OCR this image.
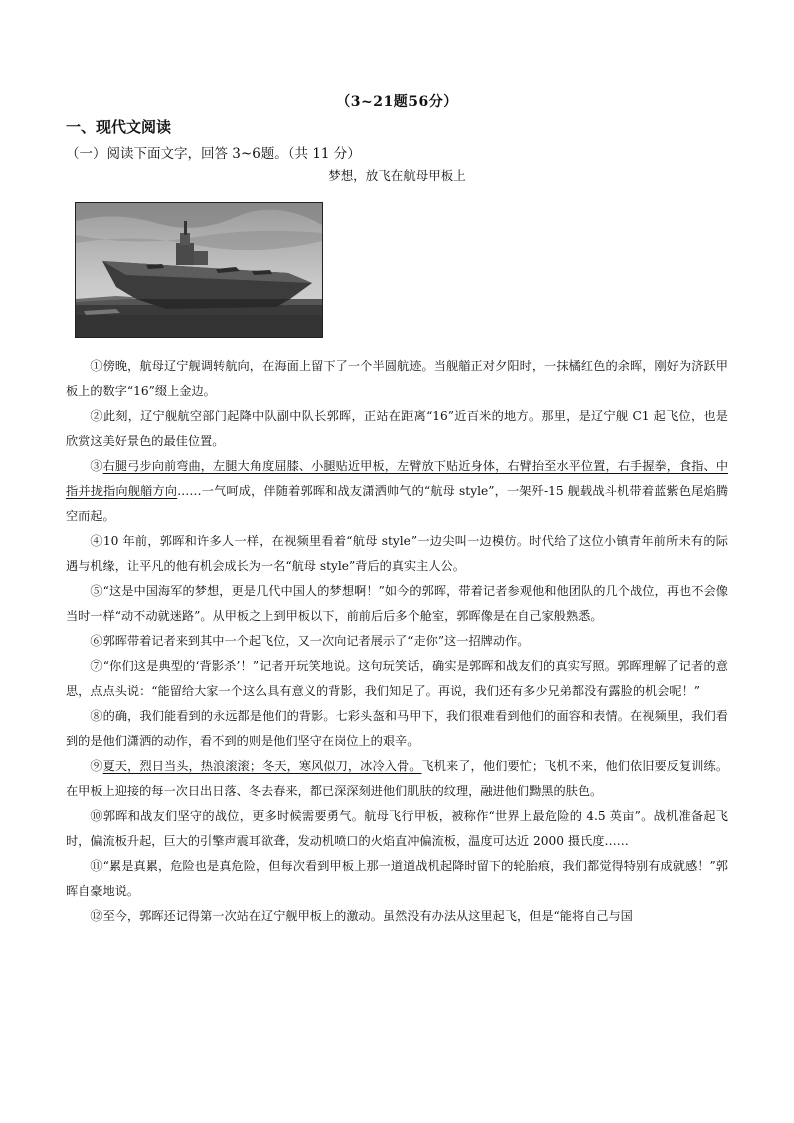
（3~21题56分）
一、现代文阅读
（一）阅读下面文字，回答 3~6题。（共 11 分）
梦想，放飞在航母甲板上

①傍晚，航母辽宁舰调转航向，在海面上留下了一个半圆航迹。当舰艏正对夕阳时，一抹橘红色的余晖，刚好为济跃甲板上的数字“16”缀上金边。

②此刻，辽宁舰航空部门起降中队副中队长郭晖，正站在距离“16”近百米的地方。那里，是辽宁舰 C1 起飞位，也是欣赏这美好景色的最佳位置。

③右腿弓步向前弯曲，左腿大角度屈膝、小腿贴近甲板，左臂放下贴近身体，右臂抬至水平位置，右手握拳，食指、中指并拢指向舰艏方向……一气呵成，伴随着郭晖和战友潇洒帅气的“航母 style”，一架歼-15 舰载战斗机带着蓝紫色尾焰腾空而起。

④10 年前，郭晖和许多人一样，在视频里看着“航母 style”一边尖叫一边模仿。时代给了这位小镇青年前所未有的际遇与机缘，让平凡的他有机会成长为一名“航母 style”背后的真实主人公。

⑤“这是中国海军的梦想，更是几代中国人的梦想啊！”如今的郭晖，带着记者参观他和他团队的几个战位，再也不会像当时一样“动不动就迷路”。从甲板之上到甲板以下，前前后后多个舱室，郭晖像是在自己家般熟悉。

⑥郭晖带着记者来到其中一个起飞位，又一次向记者展示了“走你”这一招牌动作。

⑦“你们这是典型的‘背影杀’！”记者开玩笑地说。这句玩笑话，确实是郭晖和战友们的真实写照。郭晖理解了记者的意思，点点头说：“能留给大家一个这么具有意义的背影，我们知足了。再说，我们还有多少兄弟都没有露脸的机会呢！”

⑧的确，我们能看到的永远都是他们的背影。七彩头盔和马甲下，我们很难看到他们的面容和表情。在视频里，我们看到的是他们潇洒的动作，看不到的则是他们坚守在岗位上的艰辛。

⑨夏天，烈日当头，热浪滚滚；冬天，寒风似刀，冰冷入骨。飞机来了，他们要忙；飞机不来，他们依旧要反复训练。在甲板上迎接的每一次日出日落、冬去春来，都已深深刻进他们肌肤的纹理，融进他们黝黑的肤色。

⑩郭晖和战友们坚守的战位，更多时候需要勇气。航母飞行甲板，被称作“世界上最危险的 4.5 英亩”。战机准备起飞时，偏流板升起，巨大的引擎声震耳欲聋，发动机喷口的火焰直冲偏流板，温度可达近 2000 摄氏度……

⑪“累是真累，危险也是真危险，但每次看到甲板上那一道道战机起降时留下的轮胎痕，我们都觉得特别有成就感！”郭晖自豪地说。

⑫至今，郭晖还记得第一次站在辽宁舰甲板上的激动。虽然没有办法从这里起飞，但是“能将自己与国
